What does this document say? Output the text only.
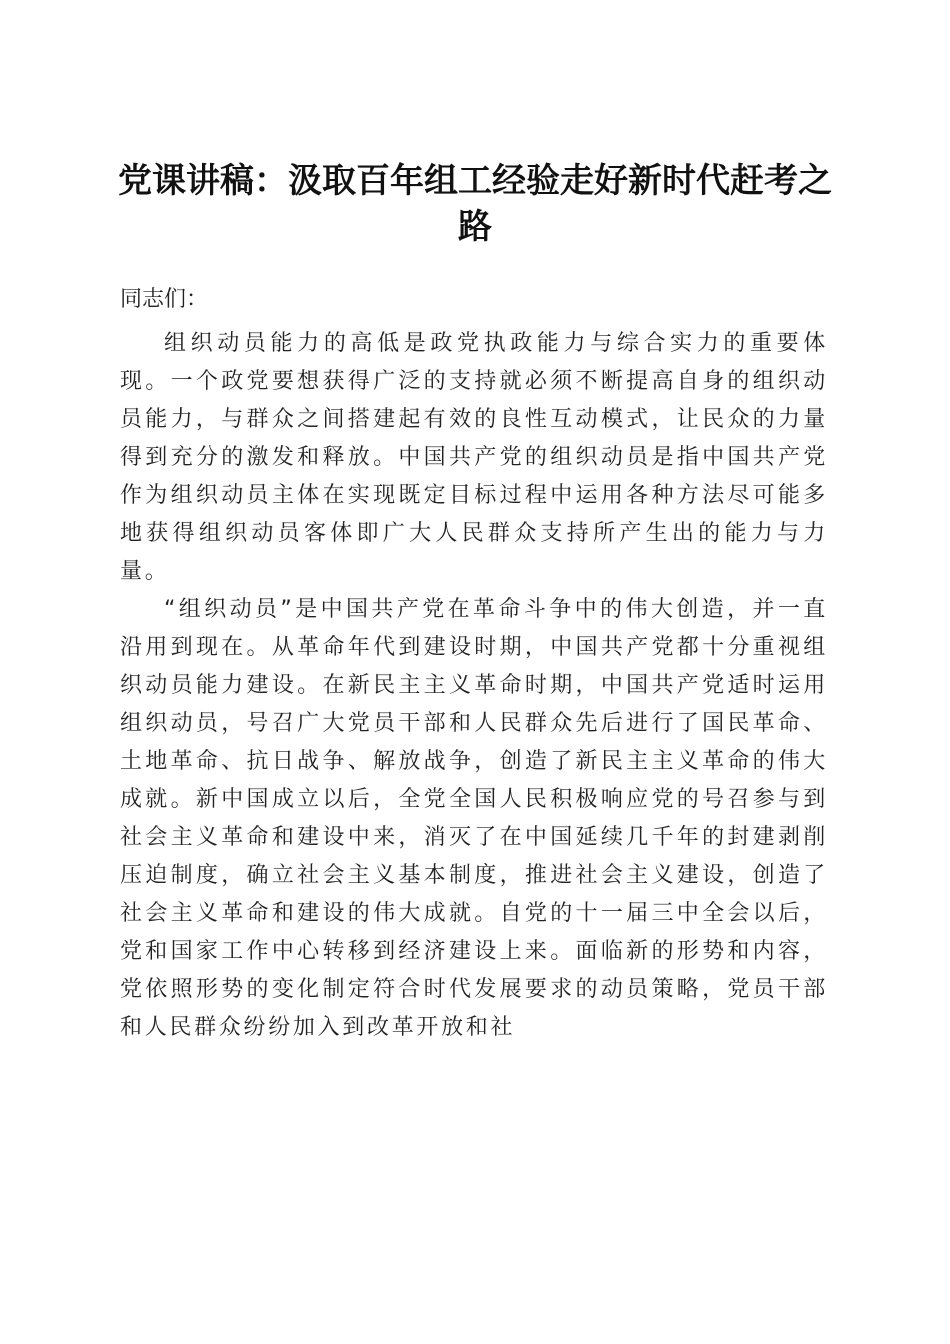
党课讲稿：汲取百年组工经验走好新时代赶考之路
同志们：

组织动员能力的高低是政党执政能力与综合实力的重要体现。一个政党要想获得广泛的支持就必须不断提高自身的组织动员能力，与群众之间搭建起有效的良性互动模式，让民众的力量得到充分的激发和释放。中国共产党的组织动员是指中国共产党作为组织动员主体在实现既定目标过程中运用各种方法尽可能多地获得组织动员客体即广大人民群众支持所产生出的能力与力量。

“组织动员”是中国共产党在革命斗争中的伟大创造，并一直沿用到现在。从革命年代到建设时期，中国共产党都十分重视组织动员能力建设。在新民主主义革命时期，中国共产党适时运用组织动员，号召广大党员干部和人民群众先后进行了国民革命、土地革命、抗日战争、解放战争，创造了新民主主义革命的伟大成就。新中国成立以后，全党全国人民积极响应党的号召参与到社会主义革命和建设中来，消灭了在中国延续几千年的封建剥削压迫制度，确立社会主义基本制度，推进社会主义建设，创造了社会主义革命和建设的伟大成就。自党的十一届三中全会以后，党和国家工作中心转移到经济建设上来。面临新的形势和内容，党依照形势的变化制定符合时代发展要求的动员策略，党员干部和人民群众纷纷加入到改革开放和社
